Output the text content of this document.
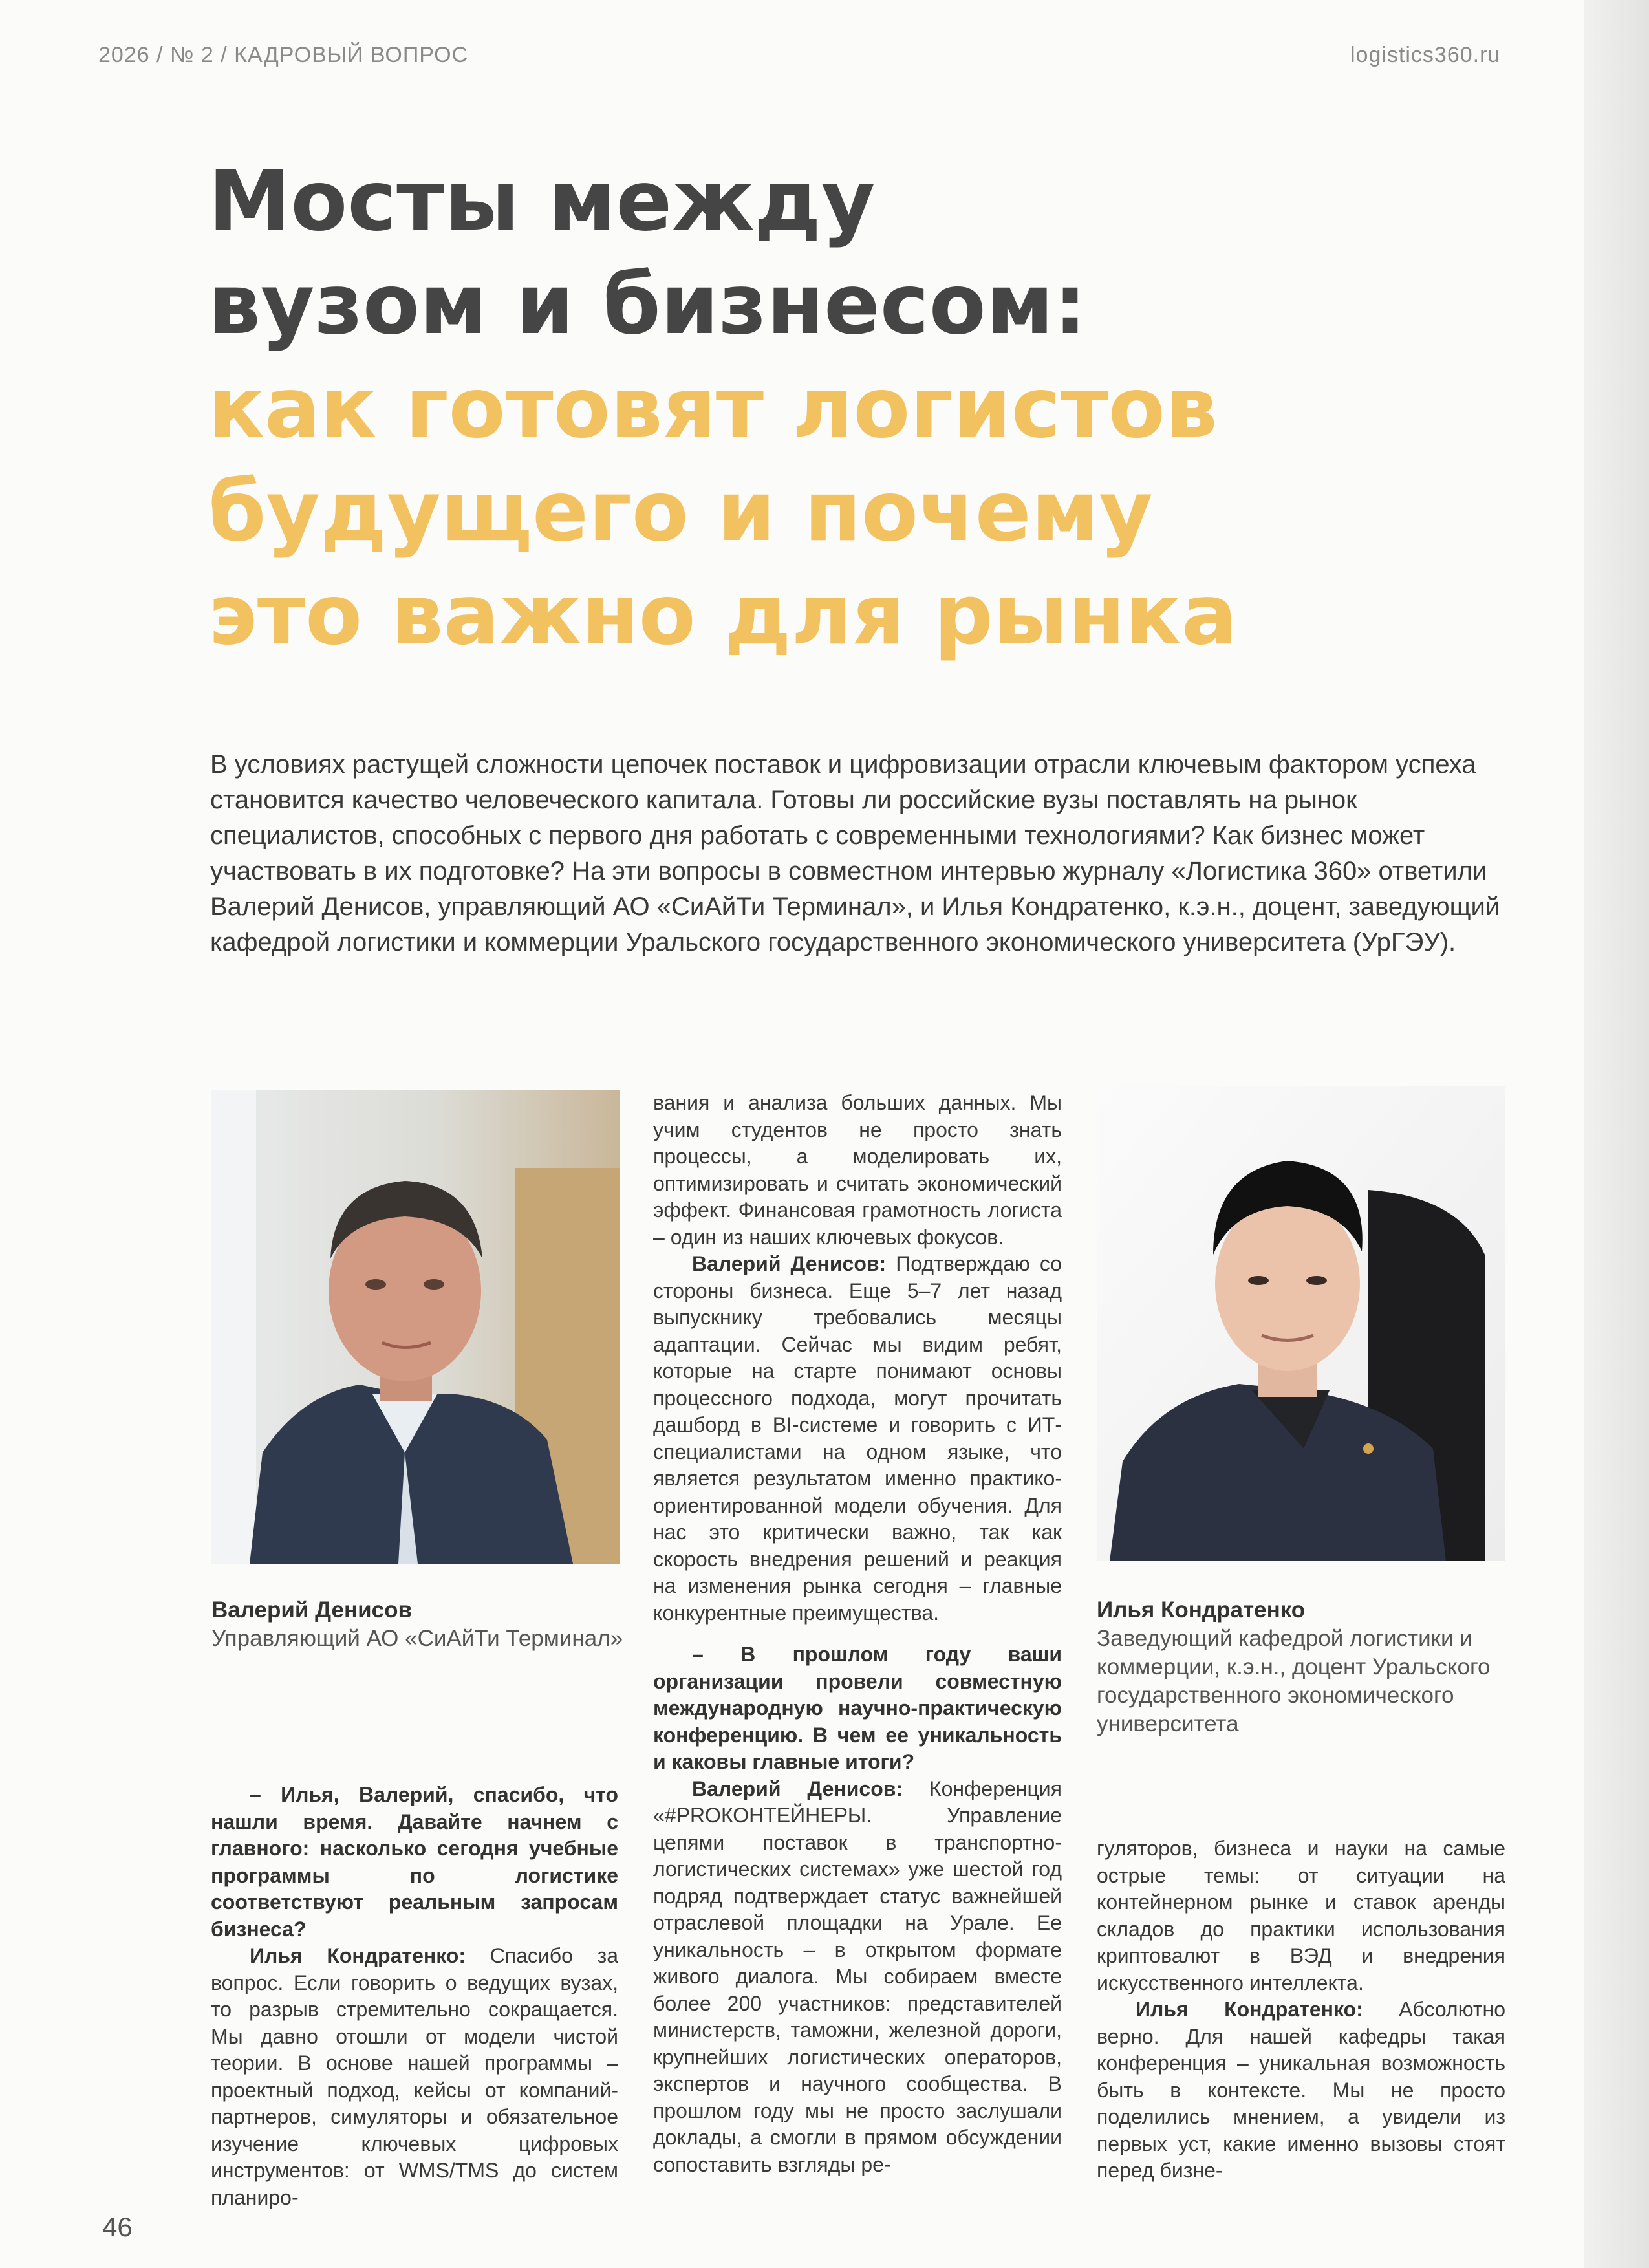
2026 / № 2 / КАДРОВЫЙ ВОПРОС	logistics360.ru
Мосты между
вузом и бизнесом:
как готовят логистов
будущего и почему
это важно для рынка
В условиях растущей сложности цепочек поставок и цифровизации отрасли ключевым фактором успеха становится качество человеческого капитала. Готовы ли российские вузы поставлять на рынок специалистов, способных с первого дня работать с современными технологиями? Как бизнес может участвовать в их подготовке? На эти вопросы в совместном интервью журналу «Логистика 360» ответили Валерий Денисов, управляющий АО «СиАйТи Терминал», и Илья Кондратенко, к.э.н., доцент, заведующий кафедрой логистики и коммерции Уральского государственного экономического университета (УрГЭУ).
Валерий Денисов
Управляющий АО «СиАйТи Терминал»
Илья Кондратенко
Заведующий кафедрой логистики и коммерции, к.э.н., доцент Уральского государственного экономического университета

вания и анализа больших данных. Мы учим студентов не просто знать процессы, а моделировать их, оптимизировать и считать экономический эффект. Финансовая грамотность логиста – один из наших ключевых фокусов.

Валерий Денисов: Подтверждаю со стороны бизнеса. Еще 5–7 лет назад выпускнику требовались месяцы адаптации. Сейчас мы видим ребят, которые на старте понимают основы процессного подхода, могут прочитать дашборд в BI-системе и говорить с ИТ-специалистами на одном языке, что является результатом именно практико-ориентированной модели обучения. Для нас это критически важно, так как скорость внедрения решений и реакция на изменения рынка сегодня – главные конкурентные преимущества.

– В прошлом году ваши организации провели совместную международную научно-практическую конференцию. В чем ее уникальность и каковы главные итоги?

Валерий Денисов: Конференция «#PROКОНТЕЙНЕРЫ. Управление цепями поставок в транспортно-логистических системах» уже шестой год подряд подтверждает статус важнейшей отраслевой площадки на Урале. Ее уникальность – в открытом формате живого диалога. Мы собираем вместе более 200 участников: представителей министерств, таможни, железной дороги, крупнейших логистических операторов, экспертов и научного сообщества. В прошлом году мы не просто заслушали доклады, а смогли в прямом обсуждении сопоставить взгляды ре-

– Илья, Валерий, спасибо, что нашли время. Давайте начнем с главного: насколько сегодня учебные программы по логистике соответствуют реальным запросам бизнеса?

Илья Кондратенко: Спасибо за вопрос. Если говорить о ведущих вузах, то разрыв стремительно сокращается. Мы давно отошли от модели чистой теории. В основе нашей программы – проектный подход, кейсы от компаний-партнеров, симуляторы и обязательное изучение ключевых цифровых инструментов: от WMS/TMS до систем планиро-

гуляторов, бизнеса и науки на самые острые темы: от ситуации на контейнерном рынке и ставок аренды складов до практики использования криптовалют в ВЭД и внедрения искусственного интеллекта.

Илья Кондратенко: Абсолютно верно. Для нашей кафедры такая конференция – уникальная возможность быть в контексте. Мы не просто поделились мнением, а увидели из первых уст, какие именно вызовы стоят перед бизне-

46
